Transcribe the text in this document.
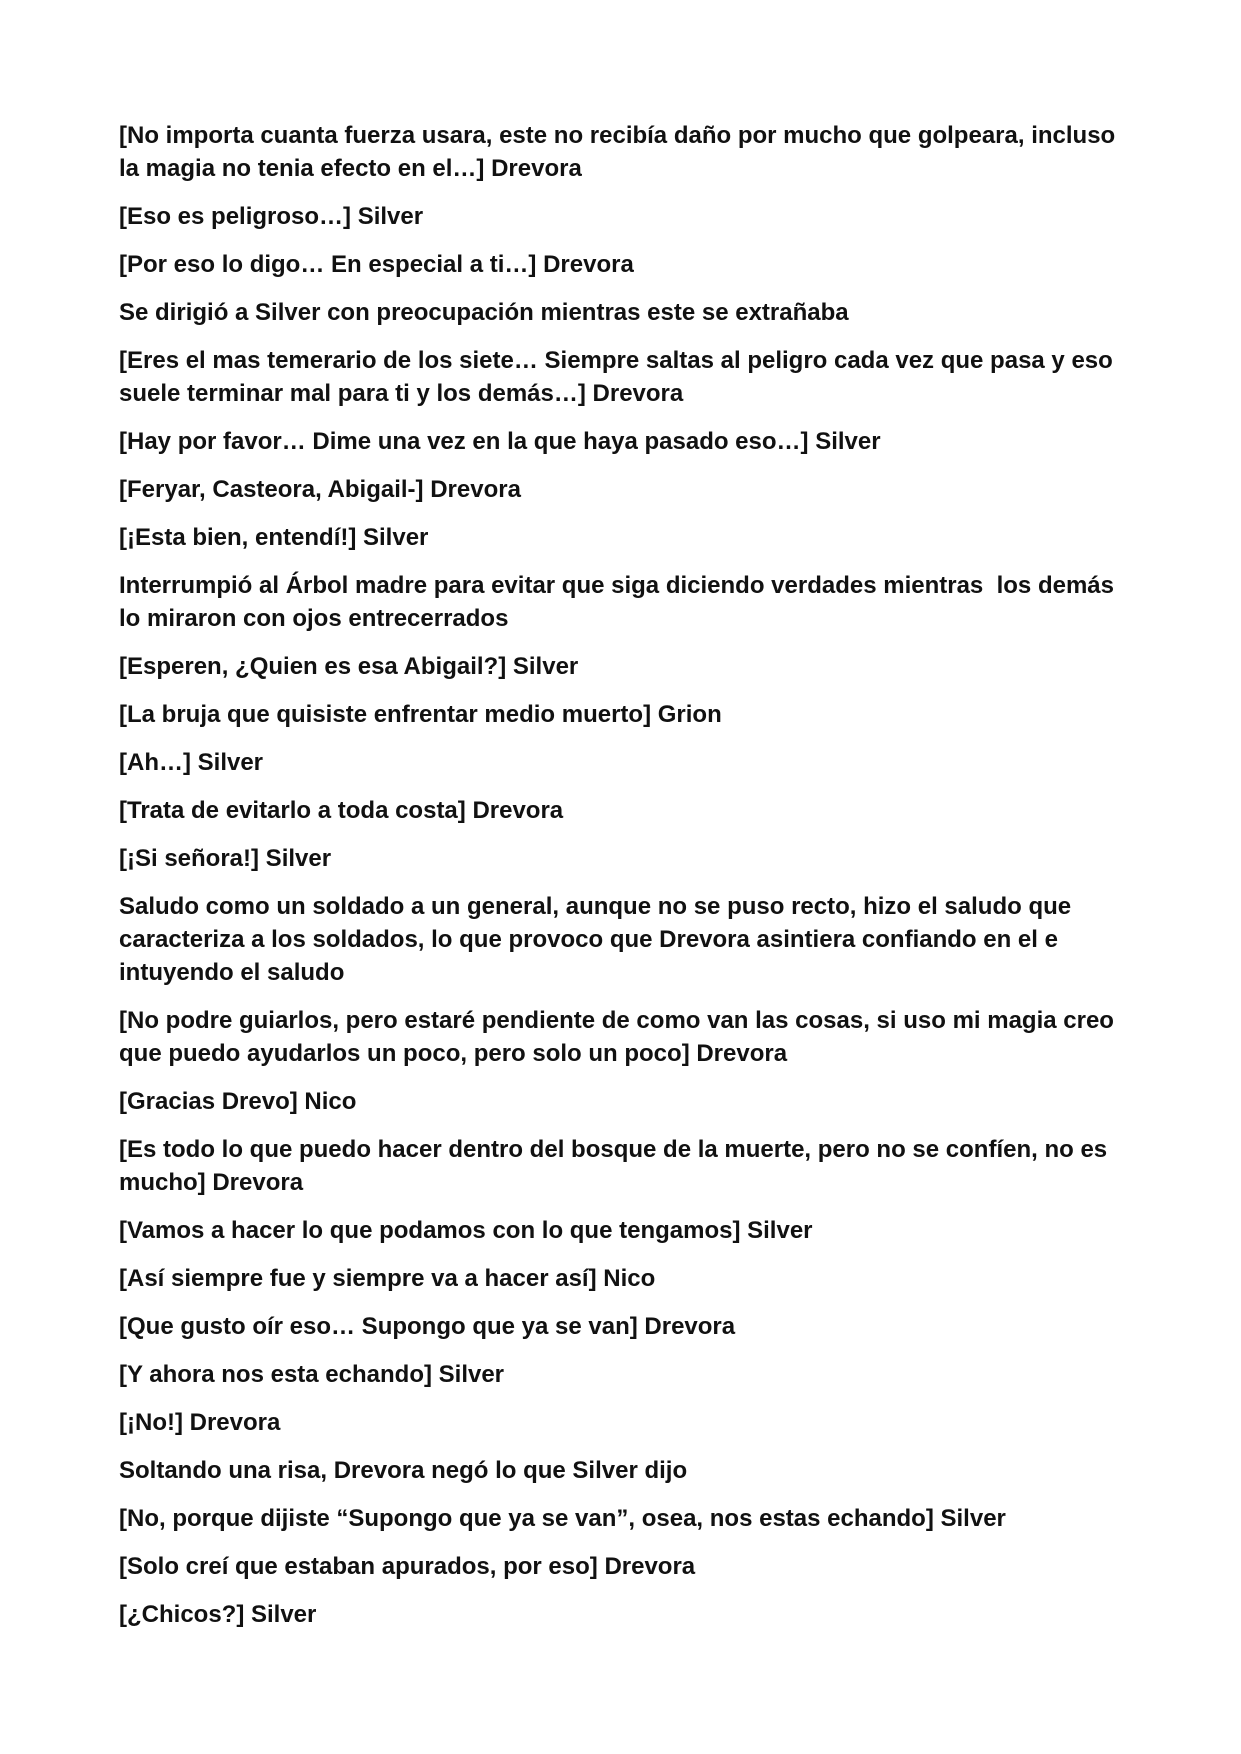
[No importa cuanta fuerza usara, este no recibía daño por mucho que golpeara, incluso la magia no tenia efecto en el…] Drevora

[Eso es peligroso…] Silver

[Por eso lo digo… En especial a ti…] Drevora

Se dirigió a Silver con preocupación mientras este se extrañaba

[Eres el mas temerario de los siete… Siempre saltas al peligro cada vez que pasa y eso suele terminar mal para ti y los demás…] Drevora

[Hay por favor… Dime una vez en la que haya pasado eso…] Silver

[Feryar, Casteora, Abigail-] Drevora

[¡Esta bien, entendí!] Silver

Interrumpió al Árbol madre para evitar que siga diciendo verdades mientras  los demás lo miraron con ojos entrecerrados

[Esperen, ¿Quien es esa Abigail?] Silver

[La bruja que quisiste enfrentar medio muerto] Grion

[Ah…] Silver

[Trata de evitarlo a toda costa] Drevora

[¡Si señora!] Silver

Saludo como un soldado a un general, aunque no se puso recto, hizo el saludo que caracteriza a los soldados, lo que provoco que Drevora asintiera confiando en el e intuyendo el saludo

[No podre guiarlos, pero estaré pendiente de como van las cosas, si uso mi magia creo que puedo ayudarlos un poco, pero solo un poco] Drevora

[Gracias Drevo] Nico

[Es todo lo que puedo hacer dentro del bosque de la muerte, pero no se confíen, no es mucho] Drevora

[Vamos a hacer lo que podamos con lo que tengamos] Silver

[Así siempre fue y siempre va a hacer así] Nico

[Que gusto oír eso… Supongo que ya se van] Drevora

[Y ahora nos esta echando] Silver

[¡No!] Drevora

Soltando una risa, Drevora negó lo que Silver dijo

[No, porque dijiste “Supongo que ya se van”, osea, nos estas echando] Silver

[Solo creí que estaban apurados, por eso] Drevora

[¿Chicos?] Silver
